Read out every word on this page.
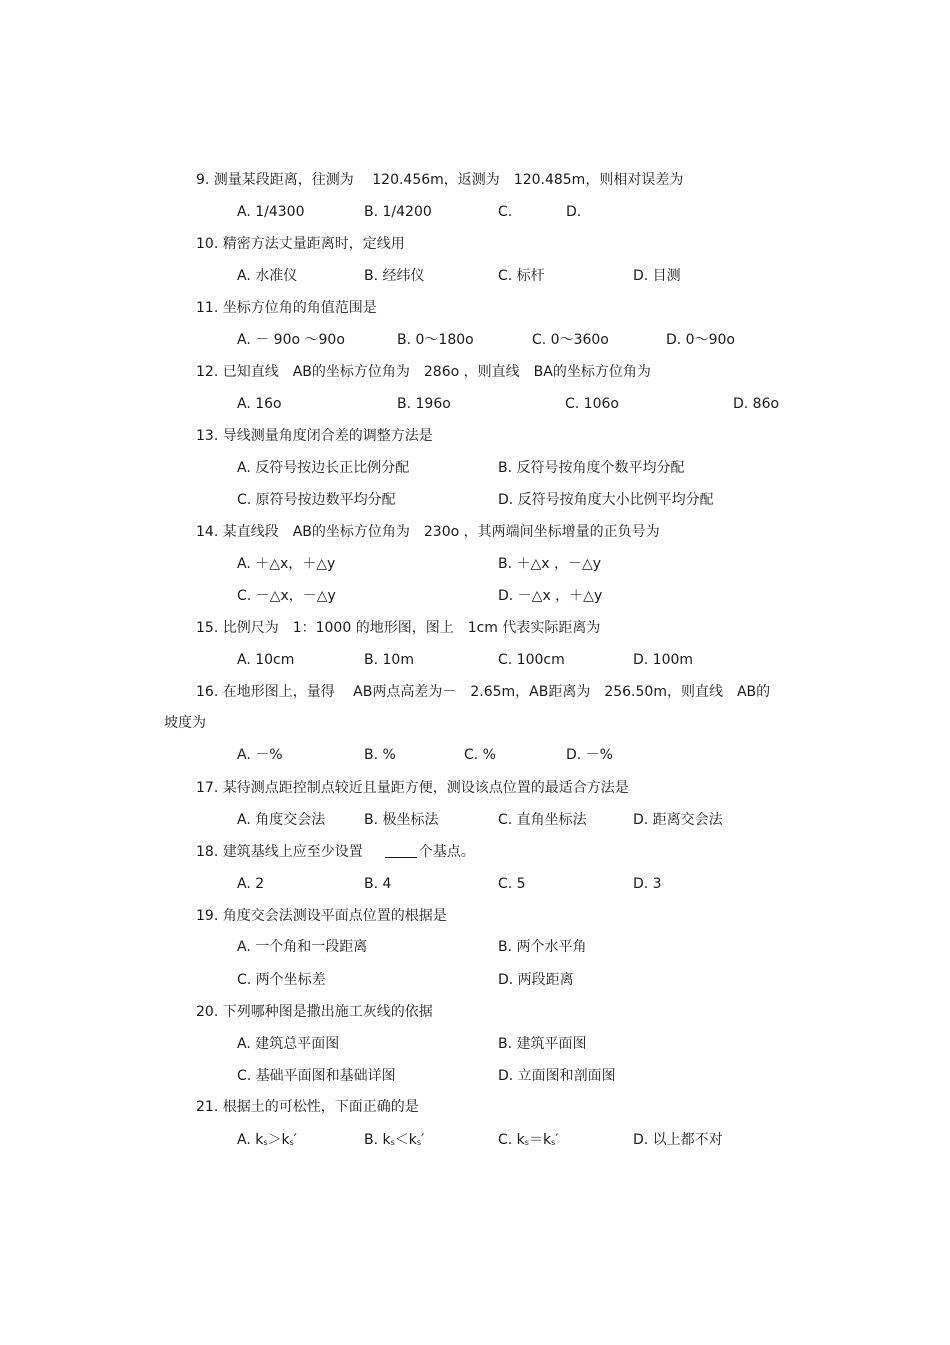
9. 测量某段距离，往测为　 120.456m，返测为　120.485m，则相对误差为
A. 1/4300	B. 1/4200	C.	D.
10. 精密方法丈量距离时，定线用
A. 水准仪	B. 经纬仪	C. 标杆	D. 目测
11. 坐标方位角的角值范围是
A. － 90o ～90o	B. 0～180o	C. 0～360o	D. 0～90o
12. 已知直线　AB的坐标方位角为　286o ，则直线　BA的坐标方位角为
A. 16o	B. 196o	C. 106o	D. 86o
13. 导线测量角度闭合差的调整方法是
A. 反符号按边长正比例分配	B. 反符号按角度个数平均分配
C. 原符号按边数平均分配	D. 反符号按角度大小比例平均分配
14. 某直线段　AB的坐标方位角为　230o ，其两端间坐标增量的正负号为
A. ＋△x，＋△y	B. ＋△x ，－△y
C. －△x，－△y	D. －△x ，＋△y
15. 比例尺为　1：1000 的地形图，图上　1cm 代表实际距离为
A. 10cm	B. 10m	C. 100cm	D. 100m
16. 在地形图上，量得　 AB两点高差为－　2.65m，AB距离为　256.50m，则直线　AB的
坡度为
A. －%	B. %	C. %	D. －%
17. 某待测点距控制点较近且量距方便，测设该点位置的最适合方法是
A. 角度交会法	B. 极坐标法	C. 直角坐标法	D. 距离交会法
18. 建筑基线上应至少设置	个基点。
A. 2	B. 4	C. 5	D. 3
19. 角度交会法测设平面点位置的根据是
A. 一个角和一段距离	B. 两个水平角
C. 两个坐标差	D. 两段距离
20. 下列哪种图是撒出施工灰线的依据
A. 建筑总平面图	B. 建筑平面图
C. 基础平面图和基础详图	D. 立面图和剖面图
21. 根据土的可松性，下面正确的是
A. $k_s>k_s'$	B. $k_s<k_s'$	C. $k_s=k_s'$	D. 以上都不对
